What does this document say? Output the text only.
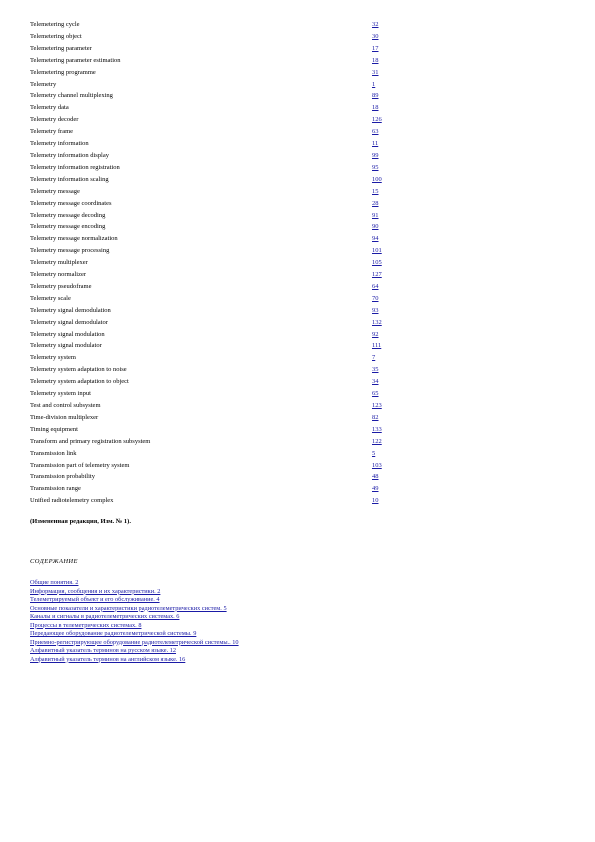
Telemetering cycle	32
Telemetering object	30
Telemetering parameter	17
Telemetering parameter estimation	18
Telemetering programme	31
Telemetry	1
Telemetry channel multiplexing	89
Telemetry data	18
Telemetry decoder	126
Telemetry frame	63
Telemetry information	11
Telemetry information display	99
Telemetry information registration	95
Telemetry information scaling	100
Telemetry message	15
Telemetry message coordinates	28
Telemetry message decoding	91
Telemetry message encoding	90
Telemetry message normalization	94
Telemetry message processing	101
Telemetry multiplexer	105
Telemetry normalizer	127
Telemetry pseudoframe	64
Telemetry scale	70
Telemetry signal demodulation	93
Telemetry signal demodulator	132
Telemetry signal modulation	92
Telemetry signal modulator	111
Telemetry system	7
Telemetry system adaptation to noise	35
Telemetry system adaptation to object	34
Telemetry system input	65
Test and control subsystem	123
Time-division multiplexer	82
Timing equipment	133
Transform and primary registration subsystem	122
Transmission link	5
Transmission part of telemetry system	103
Transmission probability	48
Transmission range	49
Unified radiotelemetry complex	10
(Измененная редакция, Изм. № 1).
СОДЕРЖАНИЕ
Общие понятия. 2
Информация, сообщения и их характеристики. 2
Телеметрируемый объект и его обслуживание. 4
Основные показатели и характеристики радиотелеметрических систем. 5
Каналы и сигналы в радиотелеметрических системах. 6
Процессы в телеметрических системах. 8
Передающее оборудование радиотелеметрической системы. 9
Приемно-регистрирующее оборудование радиотелеметрической системы.. 10
Алфавитный указатель терминов на русском языке. 12
Алфавитный указатель терминов на английском языке. 16
